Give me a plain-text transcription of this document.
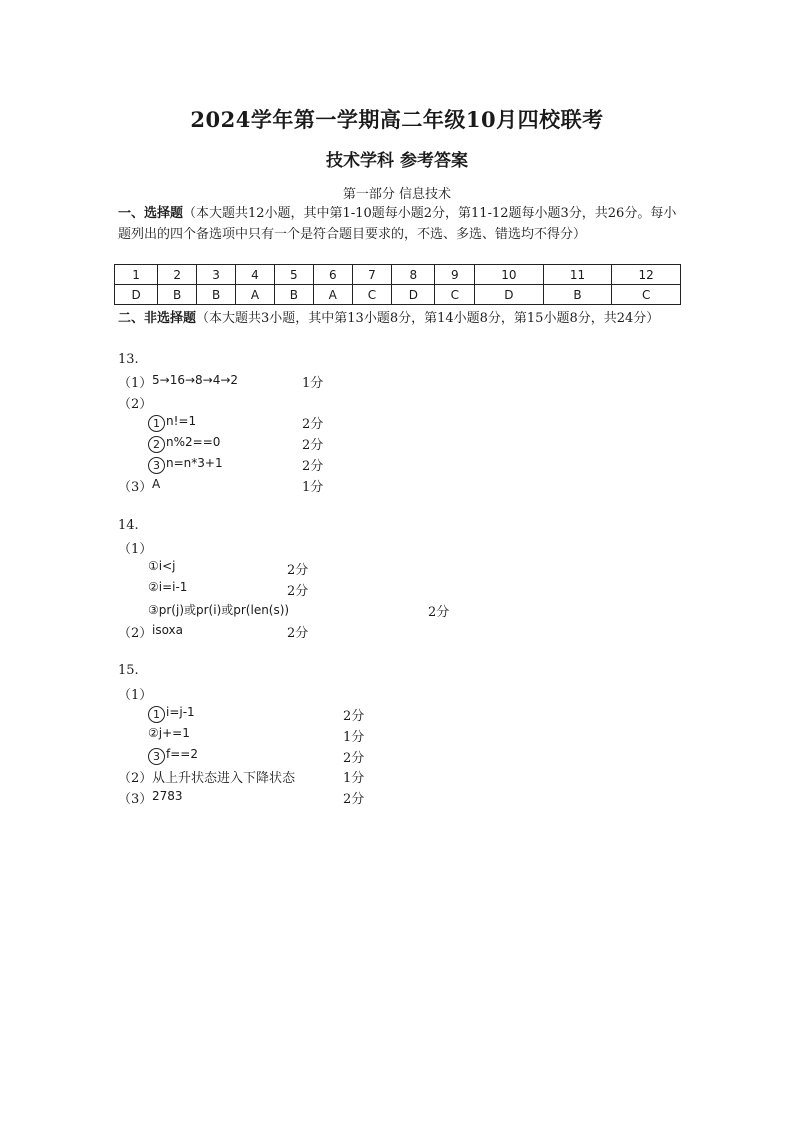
2024学年第一学期高二年级10月四校联考
技术学科 参考答案
第一部分 信息技术
一、选择题（本大题共12小题，其中第1-10题每小题2分，第11-12题每小题3分，共26分。每小题列出的四个备选项中只有一个是符合题目要求的，不选、多选、错选均不得分）
1	2	3	4	5	6	7	8	9	10	11	12
D	B	B	A	B	A	C	D	C	D	B	C
二、非选择题（本大题共3小题，其中第13小题8分，第14小题8分，第15小题8分，共24分）
13.
（1） 5→16→8→4→2	1分
（2）
1 n!=1	2分
2 n%2==0	2分
3 n=n*3+1	2分
（3） A	1分
14.
（1）
①i<j	2分
②i=i-1	2分
③pr(j)或pr(i)或pr(len(s))	2分
（2） isoxa	2分
15.
（1）
1 i=j-1	2分
②j+=1	1分
3 f==2	2分
（2） 从上升状态进入下降状态	1分
（3） 2783	2分
